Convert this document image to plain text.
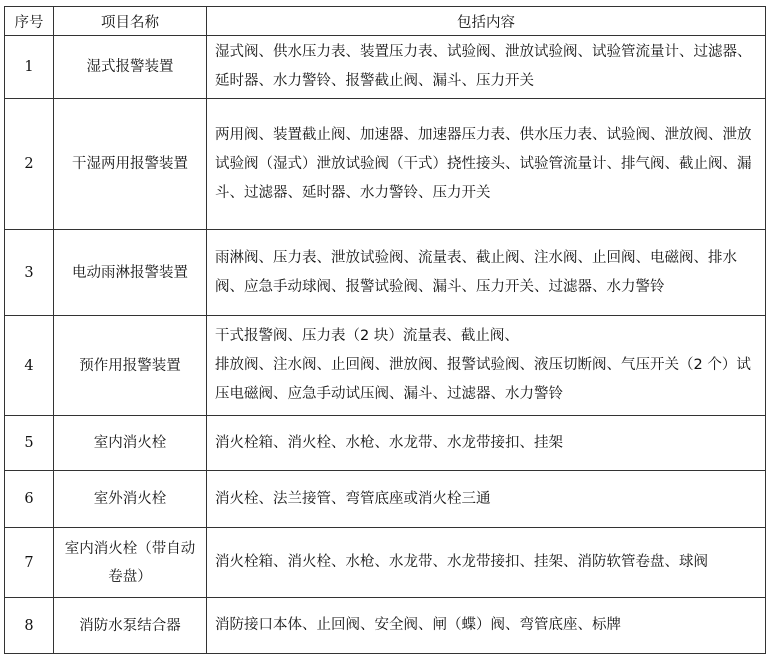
序号	项目名称	包括内容
1	湿式报警装置	湿式阀、供水压力表、装置压力表、试验阀、泄放试验阀、试验管流量计、过滤器、延时器、水力警铃、报警截止阀、漏斗、压力开关
2	干湿两用报警装置	两用阀、装置截止阀、加速器、加速器压力表、供水压力表、试验阀、泄放阀、泄放试验阀（湿式）泄放试验阀（干式）挠性接头、试验管流量计、排气阀、截止阀、漏斗、过滤器、延时器、水力警铃、压力开关
3	电动雨淋报警装置	雨淋阀、压力表、泄放试验阀、流量表、截止阀、注水阀、止回阀、电磁阀、排水阀、应急手动球阀、报警试验阀、漏斗、压力开关、过滤器、水力警铃
4	预作用报警装置	干式报警阀、压力表（2 块）流量表、截止阀、
排放阀、注水阀、止回阀、泄放阀、报警试验阀、液压切断阀、气压开关（2 个）试压电磁阀、应急手动试压阀、漏斗、过滤器、水力警铃
5	室内消火栓	消火栓箱、消火栓、水枪、水龙带、水龙带接扣、挂架
6	室外消火栓	消火栓、法兰接管、弯管底座或消火栓三通
7	室内消火栓（带自动卷盘）	消火栓箱、消火栓、水枪、水龙带、水龙带接扣、挂架、消防软管卷盘、球阀
8	消防水泵结合器	消防接口本体、止回阀、安全阀、闸（蝶）阀、弯管底座、标牌
